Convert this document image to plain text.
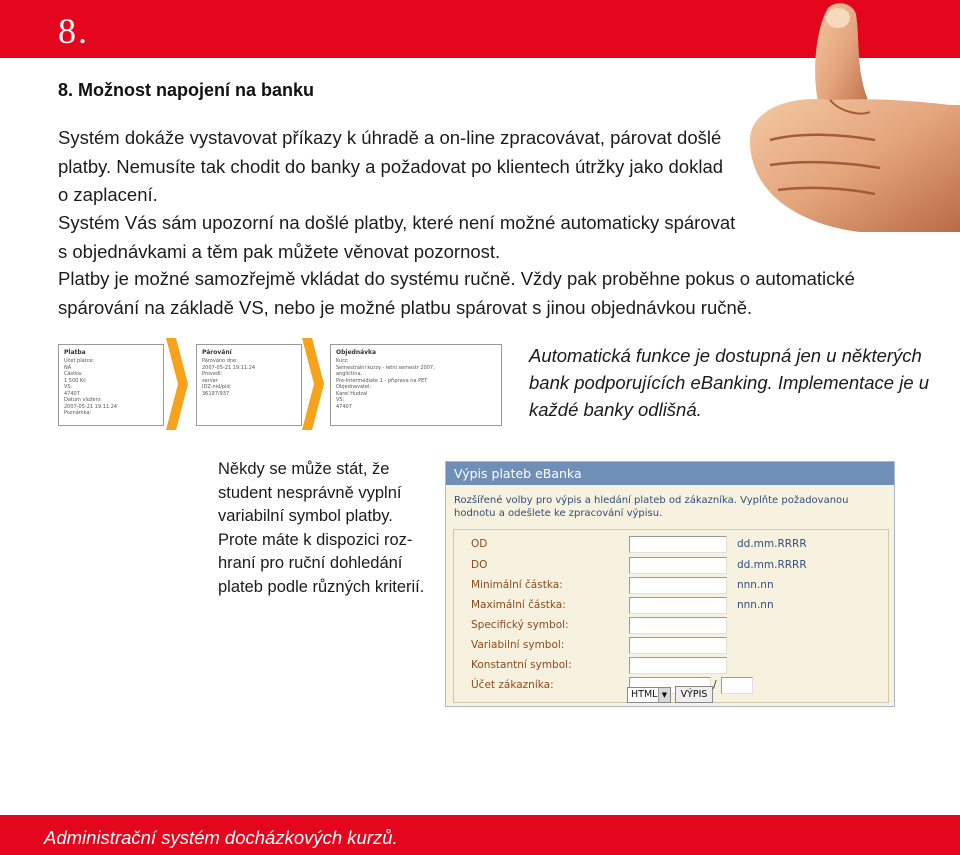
8.
8. Možnost napojení na banku
Systém dokáže vystavovat příkazy k úhradě a on-line zpracovávat, párovat došlé platby. Nemusíte tak chodit do banky a požadovat po klientech útržky jako doklad o zaplacení.
Systém Vás sám upozorní na došlé platby, které není možné automaticky spárovat s objednávkami a těm pak můžete věnovat pozornost.
Platby je možné samozřejmě vkládat do systému ručně. Vždy pak proběhne pokus o automatické spárování na základě VS, nebo je možné platbu spárovat s jinou objednávkou ručně.
Platba
Účet plátce:
NA
Částka:
1 500 Kč
VS:
47407
Datum vložení:
2007-05-21 19:11:24
Poznámka:
Párování
Párováno dne:
2007-05-21 19:11:24
Provedl:
server
IDZ-nid/pid:
36197/937
Objednávka
Kurz:
Semestrální kurzy - letní semestr 2007,
angličtina,
Pre-Intermediate 1 - příprava na PET
Objednavatel:
Karel Hudzal
VS:
47407
Automatická funkce je dostupná jen u některých bank podporujících eBanking. Implementace je u každé banky odlišná.
Někdy se může stát, že student nesprávně vyplní variabilní symbol platby. Prote máte k dispozici rozhraní pro ruční dohledání plateb podle různých kriterií.
Výpis plateb eBanka
Rozšířené volby pro výpis a hledání plateb od zákazníka. Vyplňte požadovanou hodnotu a odešlete ke zpracování výpisu.
OD	dd.mm.RRRR
DO	dd.mm.RRRR
Minimální částka:	nnn.nn
Maximální částka:	nnn.nn
Specifický symbol:
Variabilní symbol:
Konstantní symbol:
Účet zákazníka:	/
HTML ▼	VÝPIS
Administrační systém docházkových kurzů.
